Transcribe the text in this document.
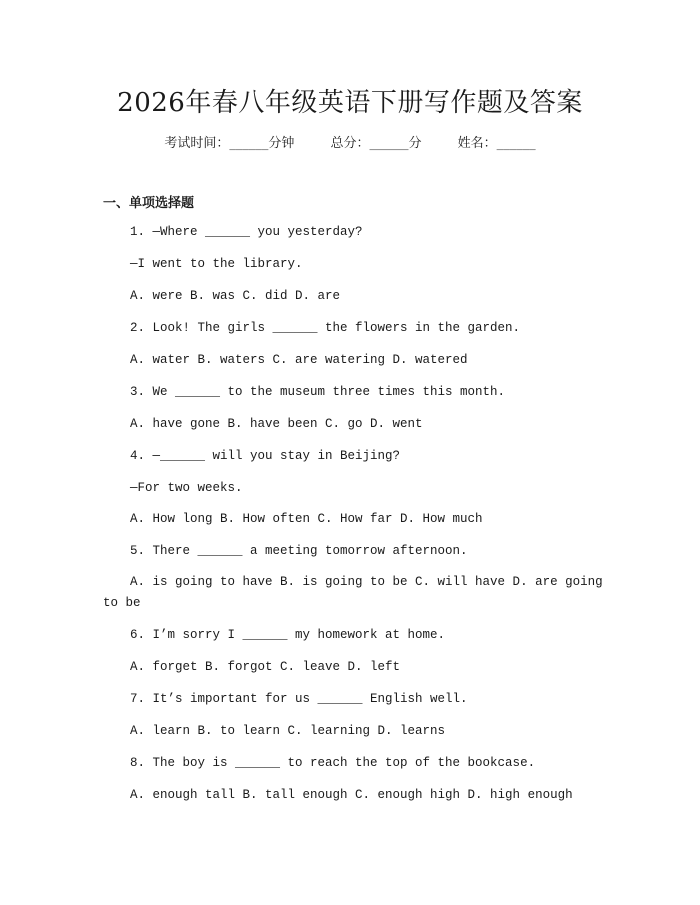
2026年春八年级英语下册写作题及答案
考试时间：______分钟	总分：______分	姓名：______
一、单项选择题
1. —Where ______ you yesterday?
—I went to the library.
A. were B. was C. did D. are
2. Look! The girls ______ the flowers in the garden.
A. water B. waters C. are watering D. watered
3. We ______ to the museum three times this month.
A. have gone B. have been C. go D. went
4. —______ will you stay in Beijing?
—For two weeks.
A. How long B. How often C. How far D. How much
5. There ______ a meeting tomorrow afternoon.
A. is going to have B. is going to be C. will have D. are going to be
6. I’m sorry I ______ my homework at home.
A. forget B. forgot C. leave D. left
7. It’s important for us ______ English well.
A. learn B. to learn C. learning D. learns
8. The boy is ______ to reach the top of the bookcase.
A. enough tall B. tall enough C. enough high D. high enough
